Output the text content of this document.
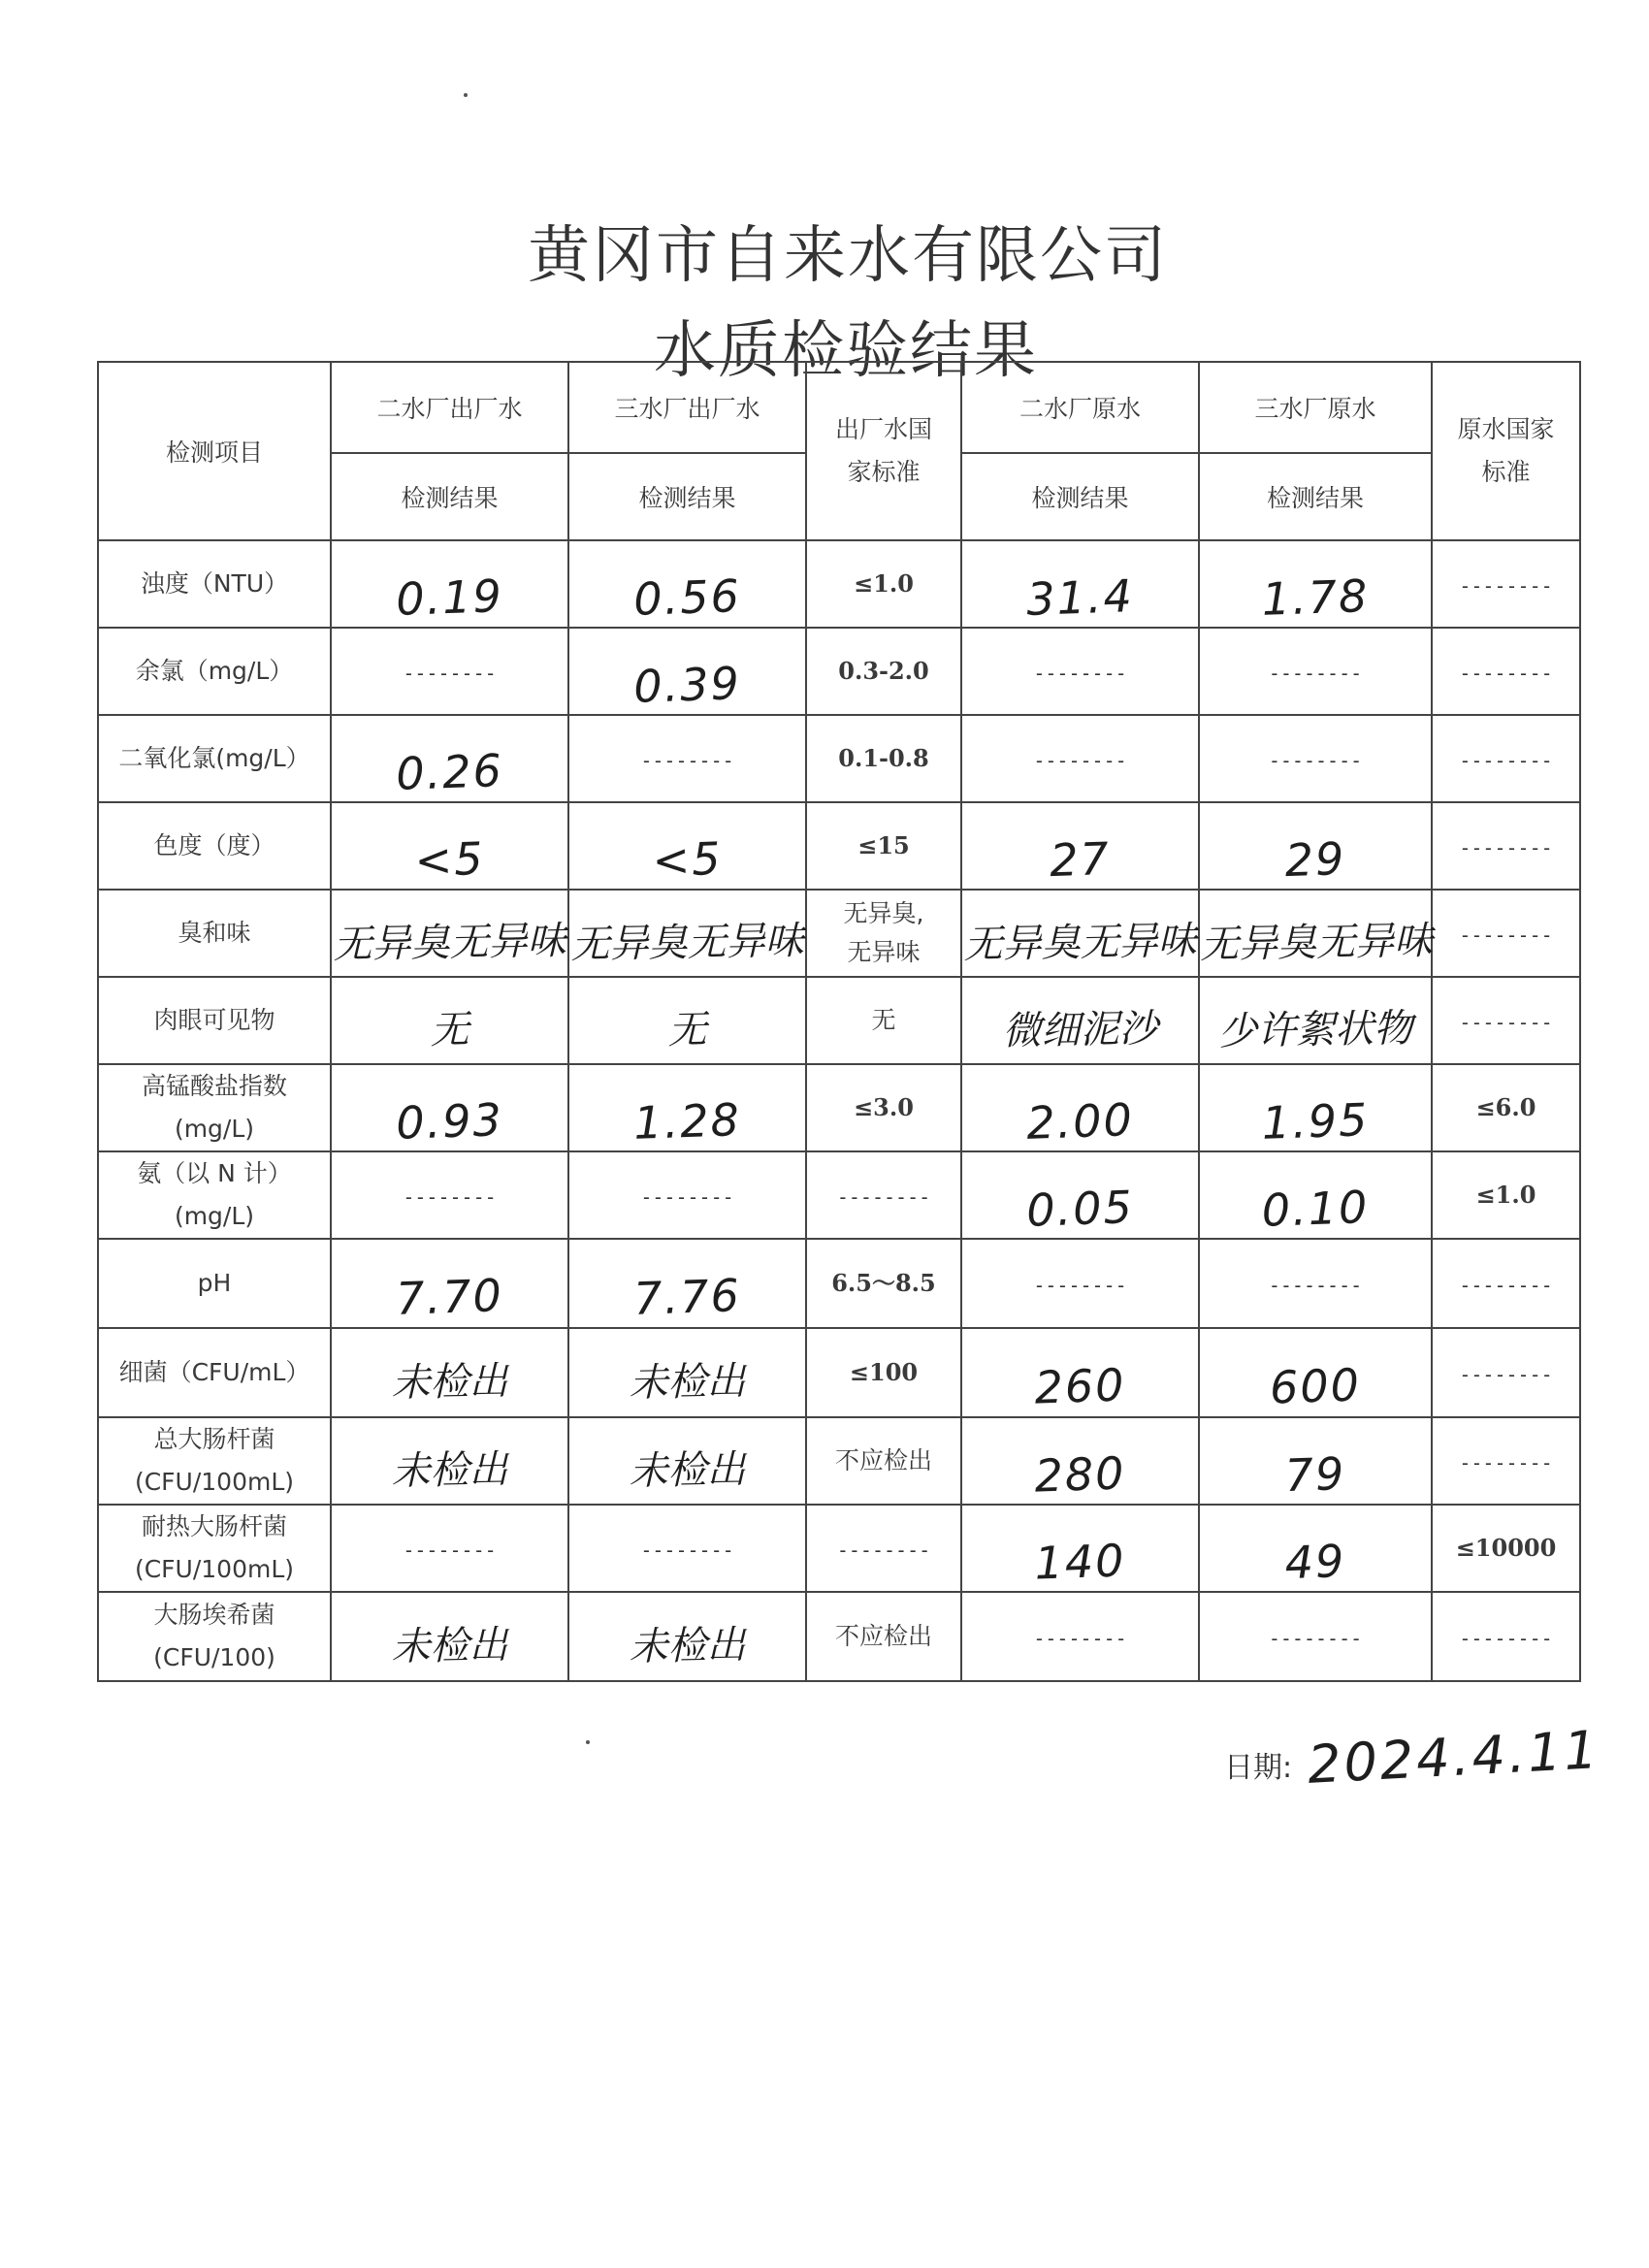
黄冈市自来水有限公司
水质检验结果
检测项目	二水厂出厂水	三水厂出厂水	出厂水国
家标准	二水厂原水	三水厂原水	原水国家
标准

	检测结果	检测结果		检测结果	检测结果	

浊度（NTU）	0.19	0.56	≤1.0	31.4	1.78	--------

余氯（mg/L）	--------	0.39	0.3-2.0	--------	--------	--------

二氧化氯(mg/L）	0.26	--------	0.1-0.8	--------	--------	--------

色度（度）	<5	<5	≤15	27	29	--------

臭和味	无异臭无异味	无异臭无异味	无异臭,
无异味	无异臭无异味	无异臭无异味	--------

肉眼可见物	无	无	无	微细泥沙	少许絮状物	--------

高锰酸盐指数
(mg/L)	0.93	1.28	≤3.0	2.00	1.95	≤6.0

氨（以 N 计）
(mg/L)	--------	--------	--------	0.05	0.10	≤1.0

pH	7.70	7.76	6.5～8.5	--------	--------	--------

细菌（CFU/mL）	未检出	未检出	≤100	260	600	--------

总大肠杆菌
(CFU/100mL)	未检出	未检出	不应检出	280	79	--------

耐热大肠杆菌
(CFU/100mL)	--------	--------	--------	140	49	≤10000

大肠埃希菌
(CFU/100)	未检出	未检出	不应检出	--------	--------	--------
日期: 2024.4.11
